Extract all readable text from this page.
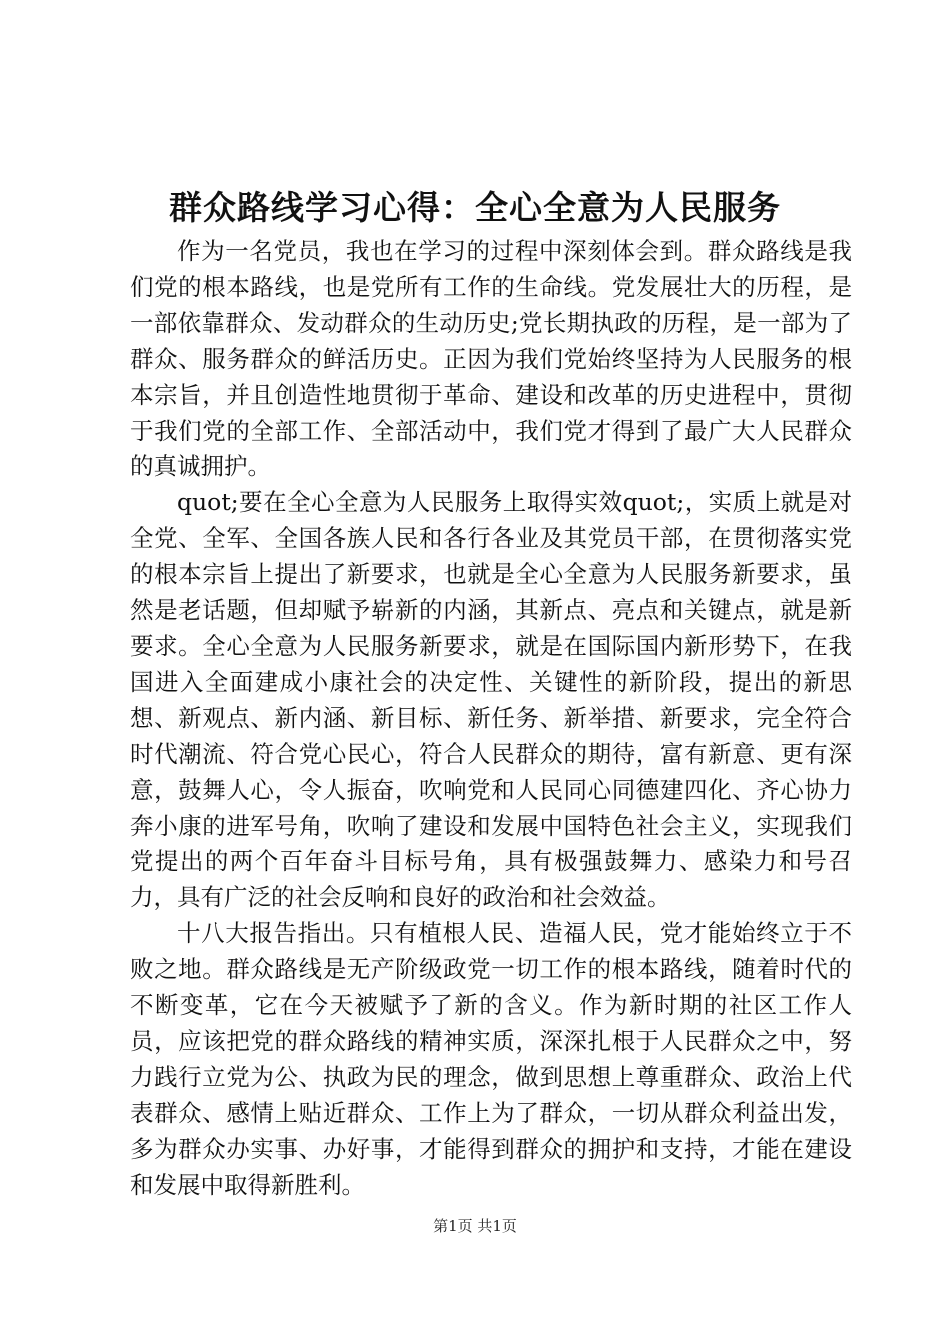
群众路线学习心得：全心全意为人民服务

作为一名党员，我也在学习的过程中深刻体会到。群众路线是我们党的根本路线，也是党所有工作的生命线。党发展壮大的历程，是一部依靠群众、发动群众的生动历史;党长期执政的历程，是一部为了群众、服务群众的鲜活历史。正因为我们党始终坚持为人民服务的根本宗旨，并且创造性地贯彻于革命、建设和改革的历史进程中，贯彻于我们党的全部工作、全部活动中，我们党才得到了最广大人民群众的真诚拥护。

quot;要在全心全意为人民服务上取得实效quot;，实质上就是对全党、全军、全国各族人民和各行各业及其党员干部，在贯彻落实党的根本宗旨上提出了新要求，也就是全心全意为人民服务新要求，虽然是老话题，但却赋予崭新的内涵，其新点、亮点和关键点，就是新要求。全心全意为人民服务新要求，就是在国际国内新形势下，在我国进入全面建成小康社会的决定性、关键性的新阶段，提出的新思想、新观点、新内涵、新目标、新任务、新举措、新要求，完全符合时代潮流、符合党心民心，符合人民群众的期待，富有新意、更有深意，鼓舞人心，令人振奋，吹响党和人民同心同德建四化、齐心协力奔小康的进军号角，吹响了建设和发展中国特色社会主义，实现我们党提出的两个百年奋斗目标号角，具有极强鼓舞力、感染力和号召力，具有广泛的社会反响和良好的政治和社会效益。

十八大报告指出。只有植根人民、造福人民，党才能始终立于不败之地。群众路线是无产阶级政党一切工作的根本路线，随着时代的不断变革，它在今天被赋予了新的含义。作为新时期的社区工作人员，应该把党的群众路线的精神实质，深深扎根于人民群众之中，努力践行立党为公、执政为民的理念，做到思想上尊重群众、政治上代表群众、感情上贴近群众、工作上为了群众，一切从群众利益出发，多为群众办实事、办好事，才能得到群众的拥护和支持，才能在建设和发展中取得新胜利。

第1页 共1页
